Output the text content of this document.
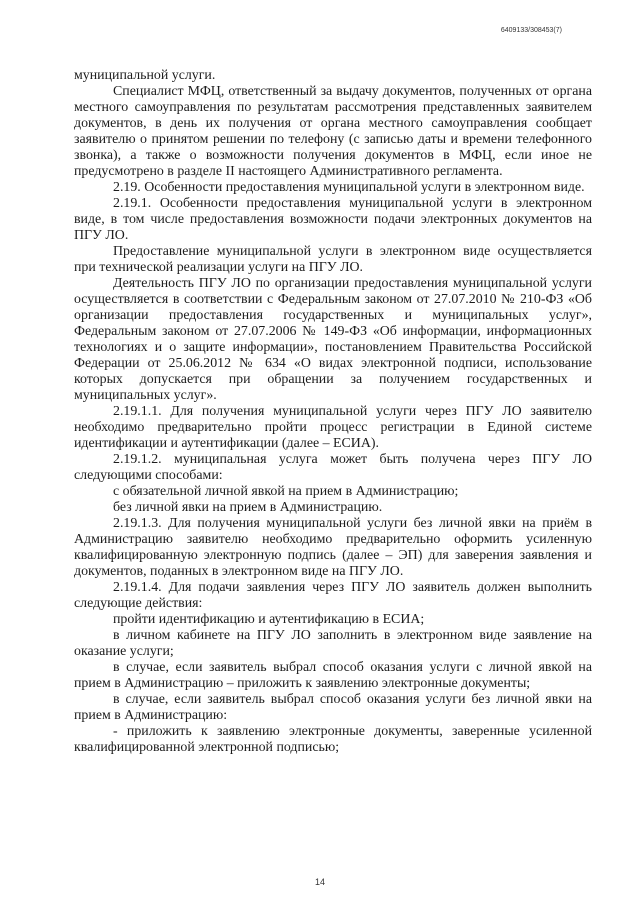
6409133/308453(7)

муниципальной услуги.

Специалист МФЦ, ответственный за выдачу документов, полученных от органа местного самоуправления по результатам рассмотрения представленных заявителем документов, в день их получения от органа местного самоуправления сообщает заявителю о принятом решении по телефону (с записью даты и времени телефонного звонка), а также о возможности получения документов в МФЦ, если иное не предусмотрено в разделе II настоящего Административного регламента.

2.19. Особенности предоставления муниципальной услуги в электронном виде.

2.19.1. Особенности предоставления муниципальной услуги в электронном виде, в том числе предоставления возможности подачи электронных документов на ПГУ ЛО.

Предоставление муниципальной услуги в электронном виде осуществляется при технической реализации услуги на ПГУ ЛО.

Деятельность ПГУ ЛО по организации предоставления муниципальной услуги осуществляется в соответствии с Федеральным законом от 27.07.2010 № 210-ФЗ «Об организации предоставления государственных и муниципальных услуг», Федеральным законом от 27.07.2006 № 149-ФЗ «Об информации, информационных технологиях и о защите информации», постановлением Правительства Российской Федерации от 25.06.2012 № 634 «О видах электронной подписи, использование которых допускается при обращении за получением государственных и муниципальных услуг».

2.19.1.1. Для получения муниципальной услуги через ПГУ ЛО заявителю необходимо предварительно пройти процесс регистрации в Единой системе идентификации и аутентификации (далее – ЕСИА).

2.19.1.2. муниципальная услуга может быть получена через ПГУ ЛО следующими способами:

с обязательной личной явкой на прием в Администрацию;

без личной явки на прием в Администрацию.

2.19.1.3. Для получения муниципальной услуги без личной явки на приём в Администрацию заявителю необходимо предварительно оформить усиленную квалифицированную электронную подпись (далее – ЭП) для заверения заявления и документов, поданных в электронном виде на ПГУ ЛО.

2.19.1.4. Для подачи заявления через ПГУ ЛО заявитель должен выполнить следующие действия:

пройти идентификацию и аутентификацию в ЕСИА;

в личном кабинете на ПГУ ЛО заполнить в электронном виде заявление на оказание услуги;

в случае, если заявитель выбрал способ оказания услуги с личной явкой на прием в Администрацию – приложить к заявлению электронные документы;

в случае, если заявитель выбрал способ оказания услуги без личной явки на прием в Администрацию:

- приложить к заявлению электронные документы, заверенные усиленной квалифицированной электронной подписью;

14
